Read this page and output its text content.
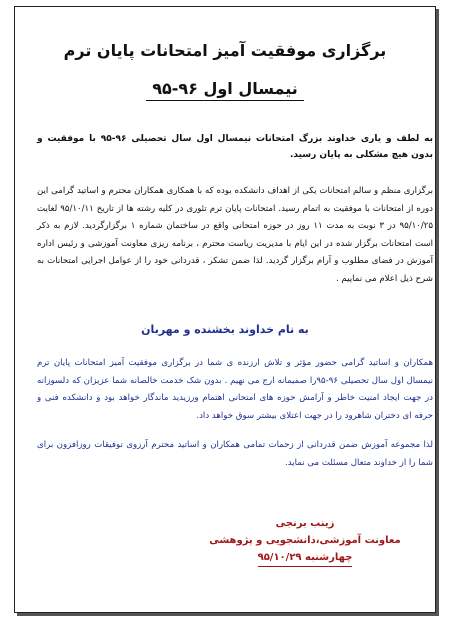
برگزاری موفقیت آمیز امتحانات پایان ترم
نیمسال اول ۹۶-۹۵
به لطف و یاری خداوند بزرگ امتحانات نیمسال اول سال تحصیلی ۹۶-۹۵ با موفقیت و بدون هیچ مشکلی به پایان رسید.
برگزاری منظم و سالم امتحانات یکی از اهداف دانشکده بوده که با همکاری همکاران محترم و اساتید گرامی این دوره از امتحانات با موفقیت به اتمام رسید. امتحانات پایان ترم تئوری در کلیه رشته ها از تاریخ ۹۵/۱۰/۱۱ لغایت ۹۵/۱۰/۲۵ در ۳ نوبت به مدت ۱۱ روز در حوزه امتحانی واقع در ساختمان شماره ۱ برگزارگردید. لازم به ذکر است امتحانات برگزار شده در این ایام با مدیریت ریاست محترم ، برنامه ریزی معاونت آموزشی و رئیس اداره آموزش در فضای مطلوب و آرام برگزار گردید. لذا ضمن تشکر ، قدردانی خود را از عوامل اجرایی امتحانات به شرح ذیل اعلام می نماییم .
به نام خداوند بخشنده و مهربان
همکاران و اساتید گرامی حضور مؤثر و تلاش ارزنده ی شما در برگزاری موفقیت آمیز امتحانات پایان ترم نیمسال اول سال تحصیلی ۹۶-۹۵را صمیمانه ارج می نهیم . بدون شک خدمت خالصانه شما عزیزان که دلسوزانه در جهت ایجاد امنیت خاطر و آرامش حوزه های امتحانی اهتمام ورزیدید ماندگار خواهد بود و دانشکده فنی و حرفه ای دختران شاهرود را در جهت اعتلای بیشتر سوق خواهد داد.
لذا مجموعه آموزش ضمن قدردانی از زحمات تمامی همکاران و اساتید محترم آرزوی توفیقات روزافزون برای شما را از خداوند متعال مسئلت می نماید.
زینب برنجی
معاونت آموزشی،دانشجویی و پژوهشی
چهارشنبه ۹۵/۱۰/۲۹
